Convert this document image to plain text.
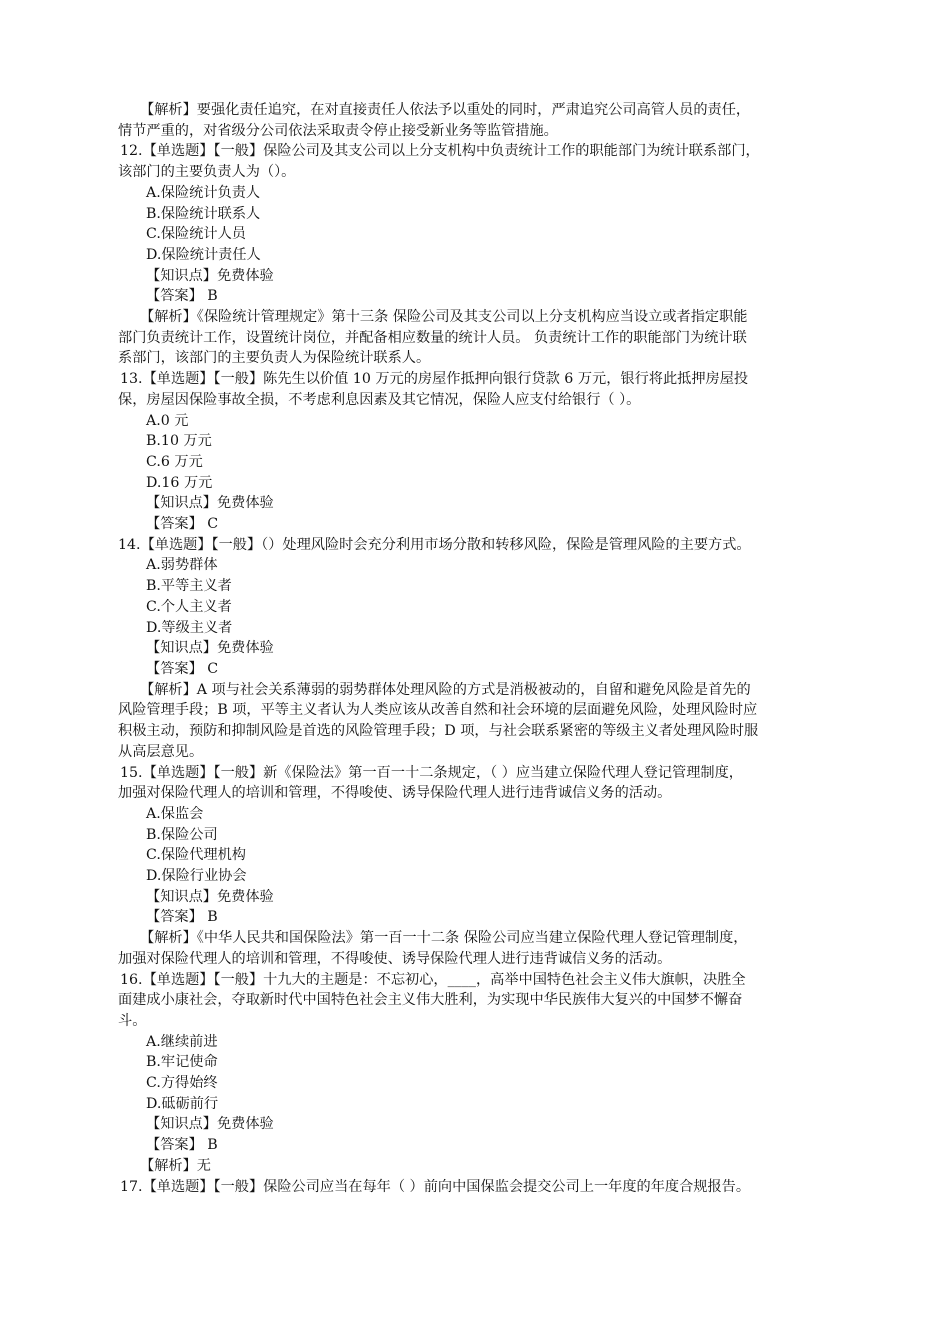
【解析】要强化责任追究，在对直接责任人依法予以重处的同时，严肃追究公司高管人员的责任，
情节严重的，对省级分公司依法采取责令停止接受新业务等监管措施。
12.【单选题】【一般】保险公司及其支公司以上分支机构中负责统计工作的职能部门为统计联系部门，
该部门的主要负责人为（）。
A.保险统计负责人
B.保险统计联系人
C.保险统计人员
D.保险统计责任人
【知识点】免费体验
【答案】 B
【解析】《保险统计管理规定》第十三条 保险公司及其支公司以上分支机构应当设立或者指定职能
部门负责统计工作，设置统计岗位，并配备相应数量的统计人员。 负责统计工作的职能部门为统计联
系部门，该部门的主要负责人为保险统计联系人。
13.【单选题】【一般】陈先生以价值 10 万元的房屋作抵押向银行贷款 6 万元，银行将此抵押房屋投
保，房屋因保险事故全损，不考虑利息因素及其它情况，保险人应支付给银行（ ）。
A.0 元
B.10 万元
C.6 万元
D.16 万元
【知识点】免费体验
【答案】 C
14.【单选题】【一般】（）处理风险时会充分利用市场分散和转移风险，保险是管理风险的主要方式。
A.弱势群体
B.平等主义者
C.个人主义者
D.等级主义者
【知识点】免费体验
【答案】 C
【解析】A 项与社会关系薄弱的弱势群体处理风险的方式是消极被动的，自留和避免风险是首先的
风险管理手段；B 项，平等主义者认为人类应该从改善自然和社会环境的层面避免风险，处理风险时应
积极主动，预防和抑制风险是首选的风险管理手段；D 项，与社会联系紧密的等级主义者处理风险时服
从高层意见。
15.【单选题】【一般】新《保险法》第一百一十二条规定，（ ）应当建立保险代理人登记管理制度，
加强对保险代理人的培训和管理，不得唆使、诱导保险代理人进行违背诚信义务的活动。
A.保监会
B.保险公司
C.保险代理机构
D.保险行业协会
【知识点】免费体验
【答案】 B
【解析】《中华人民共和国保险法》第一百一十二条 保险公司应当建立保险代理人登记管理制度，
加强对保险代理人的培训和管理，不得唆使、诱导保险代理人进行违背诚信义务的活动。
16.【单选题】【一般】十九大的主题是：不忘初心，____，高举中国特色社会主义伟大旗帜，决胜全
面建成小康社会，夺取新时代中国特色社会主义伟大胜利，为实现中华民族伟大复兴的中国梦不懈奋
斗。
A.继续前进
B.牢记使命
C.方得始终
D.砥砺前行
【知识点】免费体验
【答案】 B
【解析】无
17.【单选题】【一般】保险公司应当在每年（ ）前向中国保监会提交公司上一年度的年度合规报告。
